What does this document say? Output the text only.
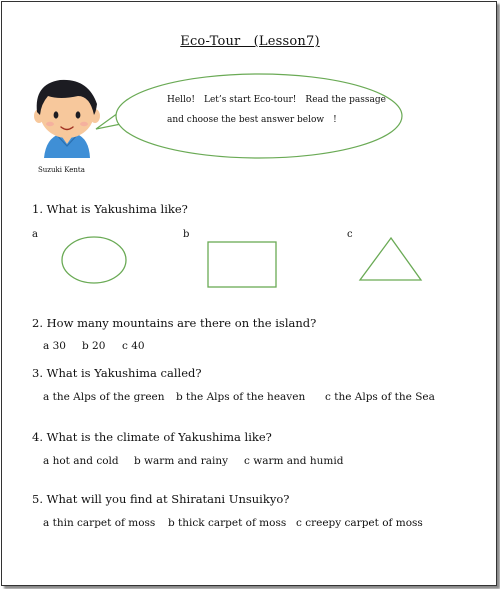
Eco-Tour　(Lesson7)
Hello!　Let’s start Eco-tour!　Read the passage
and choose the best answer below　!
Suzuki Kenta
1. What is Yakushima like?
a	b	c
2. How many mountains are there on the island?
a 30 b 20 c 40
3. What is Yakushima called?
a the Alps of the green b the Alps of the heaven c the Alps of the Sea
4. What is the climate of Yakushima like?
a hot and cold b warm and rainy c warm and humid
5. What will you find at Shiratani Unsuikyo?
a thin carpet of moss b thick carpet of moss c creepy carpet of moss
